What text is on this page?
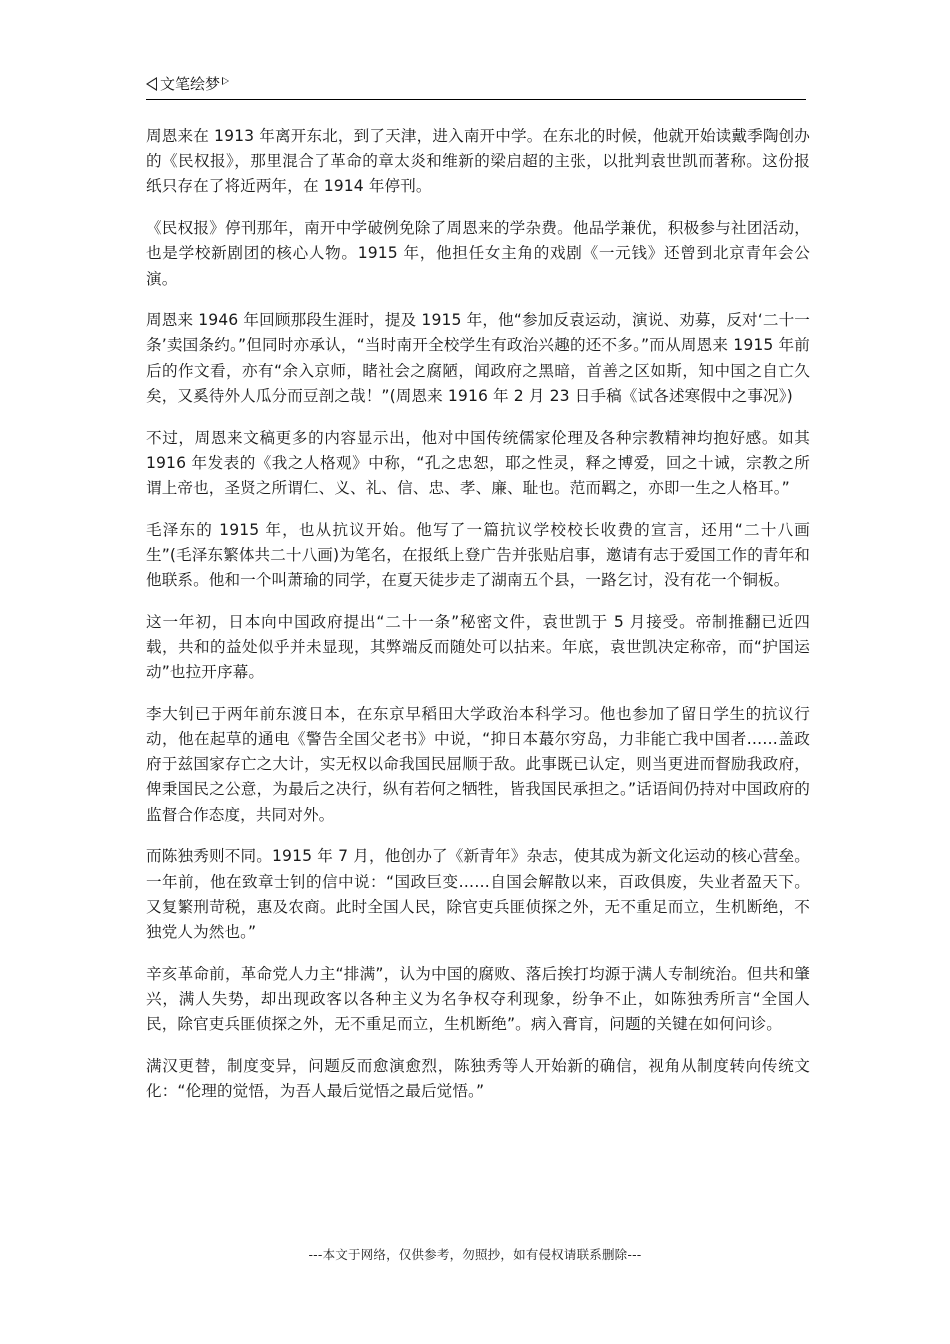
文笔绘梦

周恩来在 1913 年离开东北，到了天津，进入南开中学。在东北的时候，他就开始读戴季陶创办的《民权报》，那里混合了革命的章太炎和维新的梁启超的主张，以批判袁世凯而著称。这份报纸只存在了将近两年，在 1914 年停刊。

《民权报》停刊那年，南开中学破例免除了周恩来的学杂费。他品学兼优，积极参与社团活动，也是学校新剧团的核心人物。1915 年，他担任女主角的戏剧《一元钱》还曾到北京青年会公演。

周恩来 1946 年回顾那段生涯时，提及 1915 年，他“参加反袁运动，演说、劝募，反对‘二十一条’卖国条约。”但同时亦承认，“当时南开全校学生有政治兴趣的还不多。”而从周恩来 1915 年前后的作文看，亦有“余入京师，睹社会之腐陋，闻政府之黑暗，首善之区如斯，知中国之自亡久矣，又奚待外人瓜分而豆剖之哉！”(周恩来 1916 年 2 月 23 日手稿《试各述寒假中之事况》)

不过，周恩来文稿更多的内容显示出，他对中国传统儒家伦理及各种宗教精神均抱好感。如其 1916 年发表的《我之人格观》中称，“孔之忠恕，耶之性灵，释之博爱，回之十诫，宗教之所谓上帝也，圣贤之所谓仁、义、礼、信、忠、孝、廉、耻也。范而羁之，亦即一生之人格耳。”

毛泽东的 1915 年，也从抗议开始。他写了一篇抗议学校校长收费的宣言，还用“二十八画生”(毛泽东繁体共二十八画)为笔名，在报纸上登广告并张贴启事，邀请有志于爱国工作的青年和他联系。他和一个叫萧瑜的同学，在夏天徒步走了湖南五个县，一路乞讨，没有花一个铜板。

这一年初，日本向中国政府提出“二十一条”秘密文件，袁世凯于 5 月接受。帝制推翻已近四载，共和的益处似乎并未显现，其弊端反而随处可以拈来。年底，袁世凯决定称帝，而“护国运动”也拉开序幕。

李大钊已于两年前东渡日本，在东京早稻田大学政治本科学习。他也参加了留日学生的抗议行动，他在起草的通电《警告全国父老书》中说，“抑日本蕞尔穷岛，力非能亡我中国者……盖政府于兹国家存亡之大计，实无权以命我国民屈顺于敌。此事既已认定，则当更进而督励我政府，俾秉国民之公意，为最后之决行，纵有若何之牺牲，皆我国民承担之。”话语间仍持对中国政府的监督合作态度，共同对外。

而陈独秀则不同。1915 年 7 月，他创办了《新青年》杂志，使其成为新文化运动的核心营垒。一年前，他在致章士钊的信中说：“国政巨变……自国会解散以来，百政俱废，失业者盈天下。又复繁刑苛税，惠及农商。此时全国人民，除官吏兵匪侦探之外，无不重足而立，生机断绝，不独党人为然也。”

辛亥革命前，革命党人力主“排满”，认为中国的腐败、落后挨打均源于满人专制统治。但共和肇兴，满人失势，却出现政客以各种主义为名争权夺利现象，纷争不止，如陈独秀所言“全国人民，除官吏兵匪侦探之外，无不重足而立，生机断绝”。病入膏肓，问题的关键在如何问诊。

满汉更替，制度变异，问题反而愈演愈烈，陈独秀等人开始新的确信，视角从制度转向传统文化：“伦理的觉悟，为吾人最后觉悟之最后觉悟。”

---本文于网络，仅供参考，勿照抄，如有侵权请联系删除---
